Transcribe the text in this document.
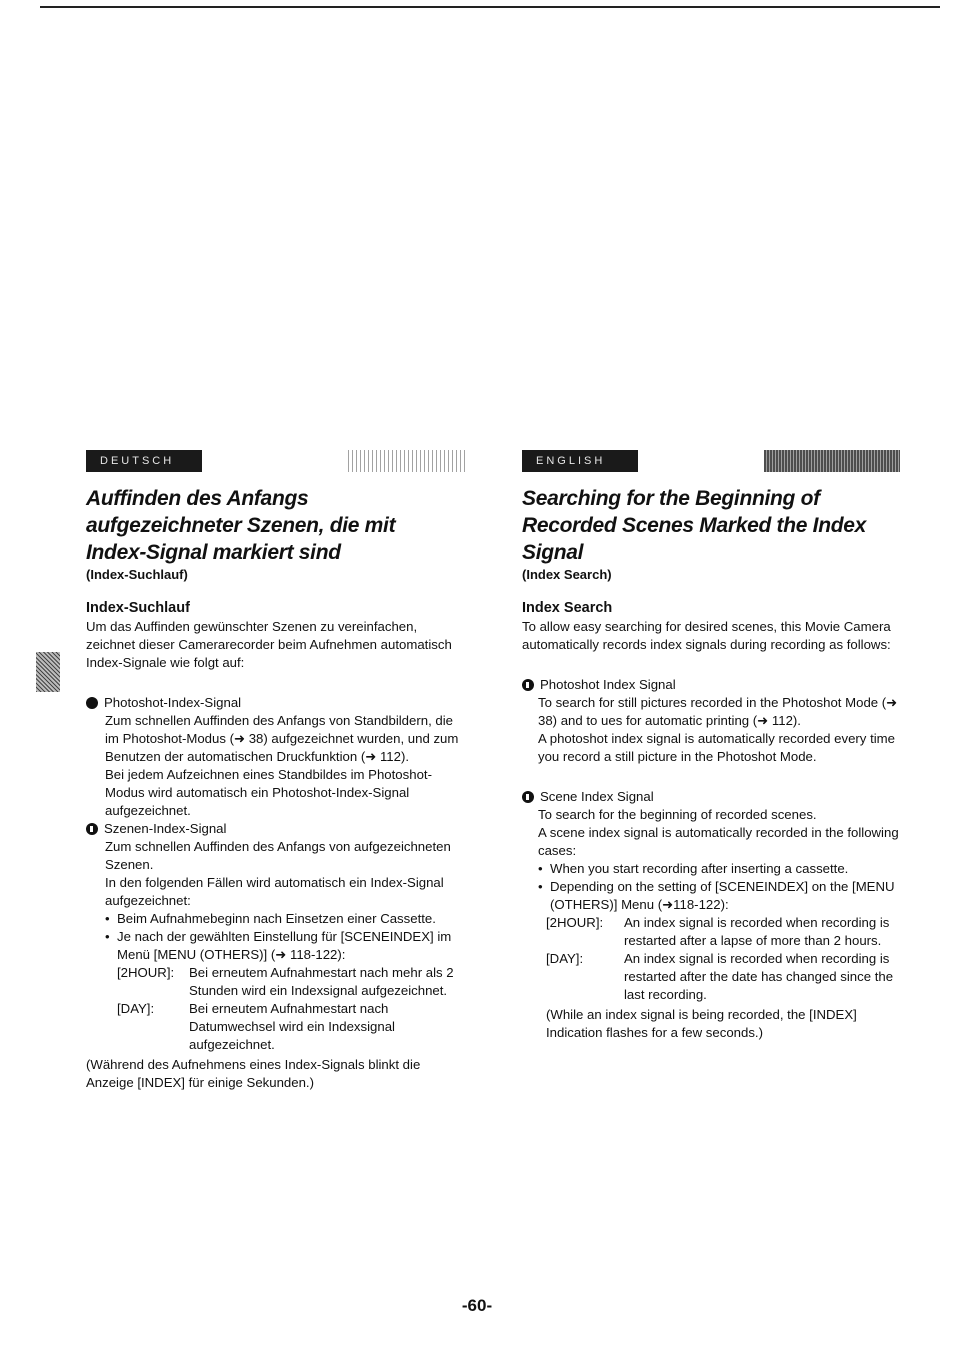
DEUTSCH
Auffinden des Anfangs
aufgezeichneter Szenen, die mit
Index-Signal markiert sind
(Index-Suchlauf)
Index-Suchlauf

Um das Auffinden gewünschter Szenen zu vereinfachen, zeichnet dieser Camerarecorder beim Aufnehmen automatisch Index-Signale wie folgt auf:

Photoshot-Index-Signal

Zum schnellen Auffinden des Anfangs von Standbildern, die im Photoshot-Modus (➜ 38) aufgezeichnet wurden, und zum Benutzen der automatischen Druckfunktion (➜ 112).

Bei jedem Aufzeichnen eines Standbildes im Photoshot-Modus wird automatisch ein Photoshot-Index-Signal aufgezeichnet.

Szenen-Index-Signal

Zum schnellen Auffinden des Anfangs von aufgezeichneten Szenen.

In den folgenden Fällen wird automatisch ein Index-Signal aufgezeichnet:

• Beim Aufnahmebeginn nach Einsetzen einer Cassette.
• Je nach der gewählten Einstellung für [SCENEINDEX] im Menü [MENU (OTHERS)] (➜ 118-122):
[2HOUR]:	Bei erneutem Aufnahmestart nach mehr als 2 Stunden wird ein Indexsignal aufgezeichnet.
[DAY]:	Bei erneutem Aufnahmestart nach Datumwechsel wird ein Indexsignal aufgezeichnet.

(Während des Aufnehmens eines Index-Signals blinkt die Anzeige [INDEX] für einige Sekunden.)

ENGLISH
Searching for the Beginning of
Recorded Scenes Marked the Index
Signal
(Index Search)
Index Search

To allow easy searching for desired scenes, this Movie Camera automatically records index signals during recording as follows:

Photoshot Index Signal

To search for still pictures recorded in the Photoshot Mode (➜ 38) and to ues for automatic printing (➜ 112).

A photoshot index signal is automatically recorded every time you record a still picture in the Photoshot Mode.

Scene Index Signal

To search for the beginning of recorded scenes.

A scene index signal is automatically recorded in the following cases:

• When you start recording after inserting a cassette.
• Depending on the setting of [SCENEINDEX] on the [MENU (OTHERS)] Menu (➜118-122):
[2HOUR]:	An index signal is recorded when recording is restarted after a lapse of more than 2 hours.
[DAY]:	An index signal is recorded when recording is restarted after the date has changed since the last recording.

(While an index signal is being recorded, the [INDEX] Indication flashes for a few seconds.)

-60-
